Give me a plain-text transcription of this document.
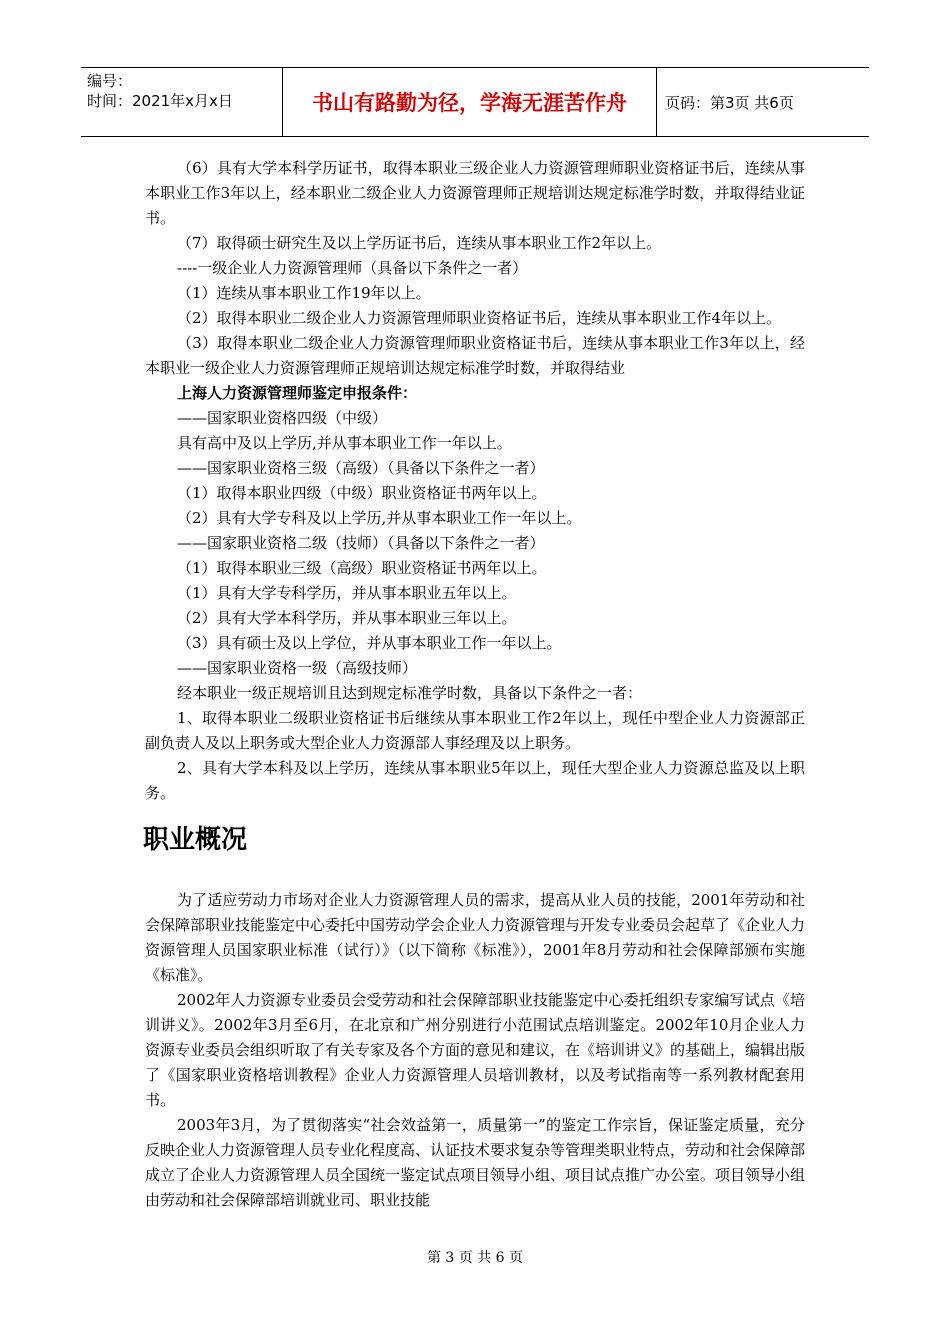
编号：
时间：2021年x月x日	书山有路勤为径，学海无涯苦作舟	页码：第3页 共6页

（6）具有大学本科学历证书，取得本职业三级企业人力资源管理师职业资格证书后，连续从事本职业工作3年以上，经本职业二级企业人力资源管理师正规培训达规定标准学时数，并取得结业证书。

（7）取得硕士研究生及以上学历证书后，连续从事本职业工作2年以上。

----一级企业人力资源管理师（具备以下条件之一者）

（1）连续从事本职业工作19年以上。

（2）取得本职业二级企业人力资源管理师职业资格证书后，连续从事本职业工作4年以上。

（3）取得本职业二级企业人力资源管理师职业资格证书后，连续从事本职业工作3年以上，经本职业一级企业人力资源管理师正规培训达规定标准学时数，并取得结业

上海人力资源管理师鉴定申报条件：

——国家职业资格四级（中级）

具有高中及以上学历,并从事本职业工作一年以上。

——国家职业资格三级（高级）（具备以下条件之一者）

（1）取得本职业四级（中级）职业资格证书两年以上。

（2）具有大学专科及以上学历,并从事本职业工作一年以上。

——国家职业资格二级（技师）（具备以下条件之一者）

（1）取得本职业三级（高级）职业资格证书两年以上。

（1）具有大学专科学历，并从事本职业五年以上。

（2）具有大学本科学历，并从事本职业三年以上。

（3）具有硕士及以上学位，并从事本职业工作一年以上。

——国家职业资格一级（高级技师）

经本职业一级正规培训且达到规定标准学时数，具备以下条件之一者：

1、取得本职业二级职业资格证书后继续从事本职业工作2年以上，现任中型企业人力资源部正副负责人及以上职务或大型企业人力资源部人事经理及以上职务。

2、具有大学本科及以上学历，连续从事本职业5年以上，现任大型企业人力资源总监及以上职务。

职业概况

为了适应劳动力市场对企业人力资源管理人员的需求，提高从业人员的技能，2001年劳动和社会保障部职业技能鉴定中心委托中国劳动学会企业人力资源管理与开发专业委员会起草了《企业人力资源管理人员国家职业标准（试行）》（以下简称《标准》），2001年8月劳动和社会保障部颁布实施《标准》。

2002年人力资源专业委员会受劳动和社会保障部职业技能鉴定中心委托组织专家编写试点《培训讲义》。2002年3月至6月，在北京和广州分别进行小范围试点培训鉴定。2002年10月企业人力资源专业委员会组织听取了有关专家及各个方面的意见和建议，在《培训讲义》的基础上，编辑出版了《国家职业资格培训教程》企业人力资源管理人员培训教材，以及考试指南等一系列教材配套用书。

2003年3月，为了贯彻落实“社会效益第一，质量第一”的鉴定工作宗旨，保证鉴定质量，充分反映企业人力资源管理人员专业化程度高、认证技术要求复杂等管理类职业特点，劳动和社会保障部成立了企业人力资源管理人员全国统一鉴定试点项目领导小组、项目试点推广办公室。项目领导小组由劳动和社会保障部培训就业司、职业技能

第 3 页 共 6 页
